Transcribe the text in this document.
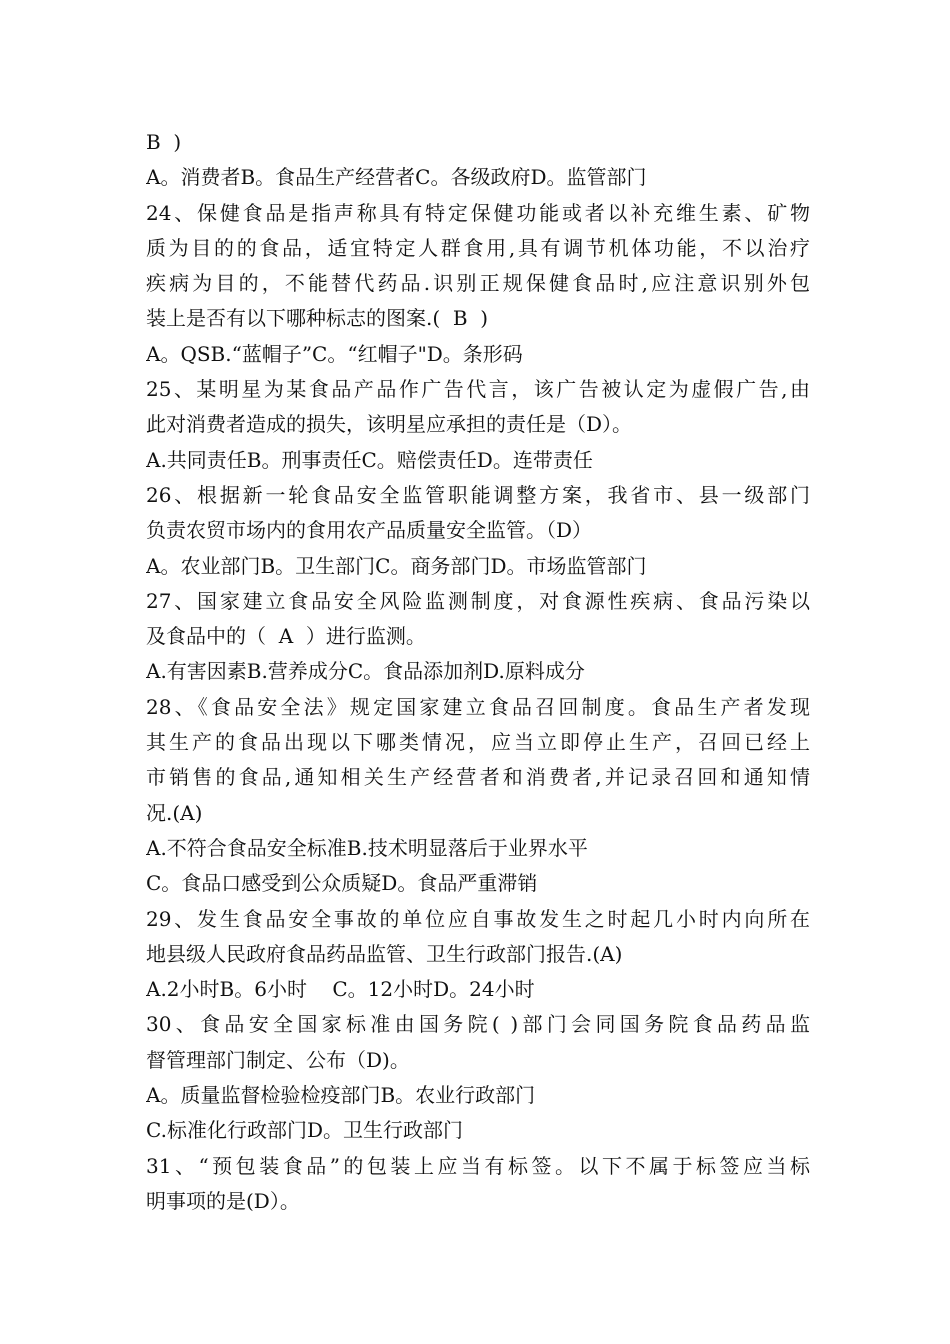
B  )
A。消费者B。食品生产经营者C。各级政府D。监管部门
24、保健食品是指声称具有特定保健功能或者以补充维生素、矿物
质为目的的食品，适宜特定人群食用,具有调节机体功能，不以治疗
疾病为目的，不能替代药品.识别正规保健食品时,应注意识别外包
装上是否有以下哪种标志的图案.(  B  )
A。QSB.“蓝帽子”C。“红帽子"D。条形码
25、某明星为某食品产品作广告代言，该广告被认定为虚假广告,由
此对消费者造成的损失，该明星应承担的责任是（D）。
A.共同责任B。刑事责任C。赔偿责任D。连带责任
26、根据新一轮食品安全监管职能调整方案，我省市、县一级部门
负责农贸市场内的食用农产品质量安全监管。（D）
A。农业部门B。卫生部门C。商务部门D。市场监管部门
27、国家建立食品安全风险监测制度，对食源性疾病、食品污染以
及食品中的（  A  ）进行监测。
A.有害因素B.营养成分C。食品添加剂D.原料成分
28、《食品安全法》规定国家建立食品召回制度。食品生产者发现
其生产的食品出现以下哪类情况，应当立即停止生产，召回已经上
市销售的食品,通知相关生产经营者和消费者,并记录召回和通知情
况.(A)
A.不符合食品安全标准B.技术明显落后于业界水平
C。食品口感受到公众质疑D。食品严重滞销
29、发生食品安全事故的单位应自事故发生之时起几小时内向所在
地县级人民政府食品药品监管、卫生行政部门报告.(A)
A.2小时B。6小时    C。12小时D。24小时
30、食品安全国家标准由国务院( )部门会同国务院食品药品监
督管理部门制定、公布（D)。
A。质量监督检验检疫部门B。农业行政部门
C.标准化行政部门D。卫生行政部门
31、“预包装食品”的包装上应当有标签。以下不属于标签应当标
明事项的是(D）。
